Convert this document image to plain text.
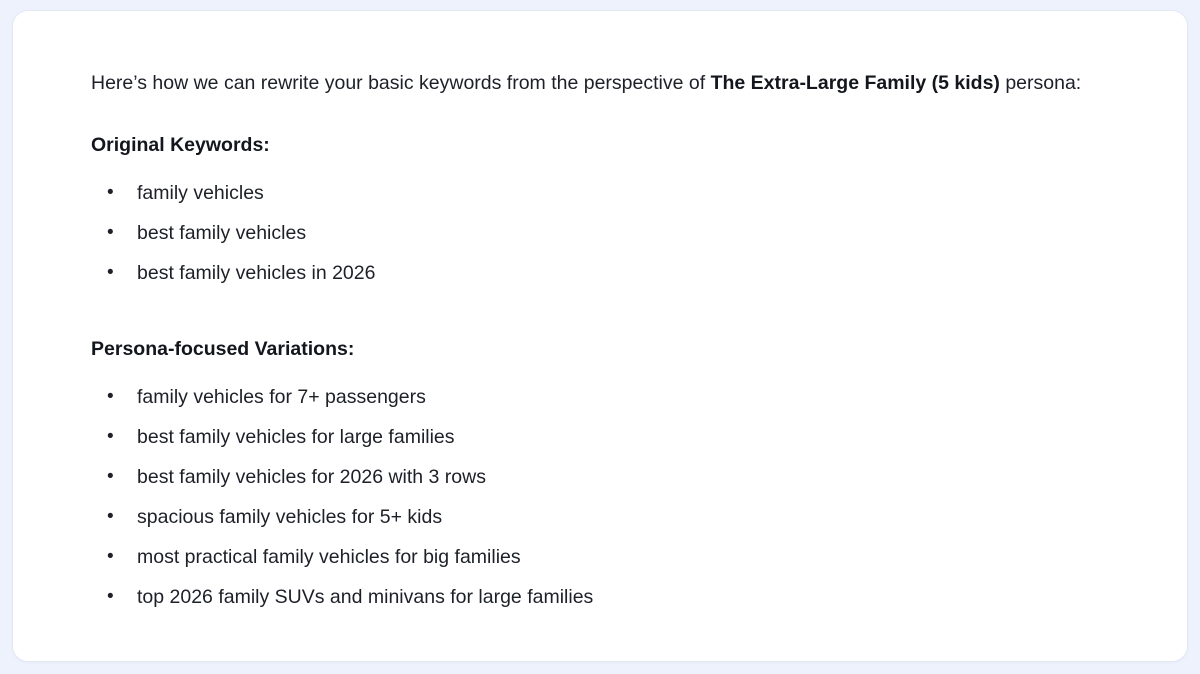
Here’s how we can rewrite your basic keywords from the perspective of The Extra-Large Family (5 kids) persona:

Original Keywords:
• family vehicles
• best family vehicles
• best family vehicles in 2026
Persona-focused Variations:
• family vehicles for 7+ passengers
• best family vehicles for large families
• best family vehicles for 2026 with 3 rows
• spacious family vehicles for 5+ kids
• most practical family vehicles for big families
• top 2026 family SUVs and minivans for large families
